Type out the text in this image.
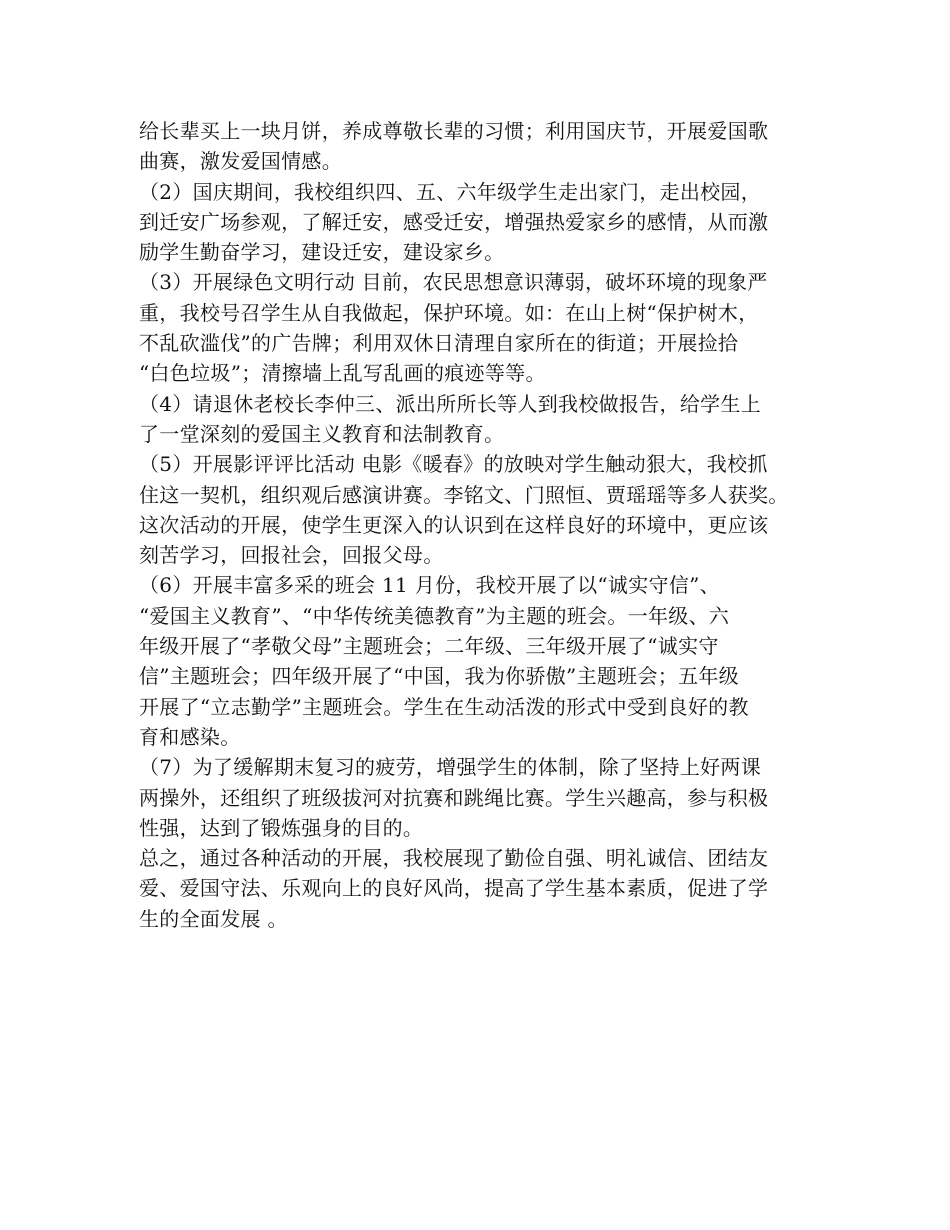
给长辈买上一块月饼，养成尊敬长辈的习惯；利用国庆节，开展爱国歌
曲赛，激发爱国情感。
（2）国庆期间，我校组织四、五、六年级学生走出家门，走出校园，
到迁安广场参观，了解迁安，感受迁安，增强热爱家乡的感情，从而激
励学生勤奋学习，建设迁安，建设家乡。
（3）开展绿色文明行动 目前，农民思想意识薄弱，破坏环境的现象严
重，我校号召学生从自我做起，保护环境。如：在山上树“保护树木，
不乱砍滥伐”的广告牌；利用双休日清理自家所在的街道；开展捡拾
“白色垃圾”；清擦墙上乱写乱画的痕迹等等。
（4）请退休老校长李仲三、派出所所长等人到我校做报告，给学生上
了一堂深刻的爱国主义教育和法制教育。
（5）开展影评评比活动 电影《暖春》的放映对学生触动狠大，我校抓
住这一契机，组织观后感演讲赛。李铭文、门照恒、贾瑶瑶等多人获奖。
这次活动的开展，使学生更深入的认识到在这样良好的环境中，更应该
刻苦学习，回报社会，回报父母。
（6）开展丰富多采的班会 11 月份，我校开展了以“诚实守信”、
“爱国主义教育”、“中华传统美德教育”为主题的班会。一年级、六
年级开展了“孝敬父母”主题班会；二年级、三年级开展了“诚实守
信”主题班会；四年级开展了“中国，我为你骄傲”主题班会；五年级
开展了“立志勤学”主题班会。学生在生动活泼的形式中受到良好的教
育和感染。
（7）为了缓解期末复习的疲劳，增强学生的体制，除了坚持上好两课
两操外，还组织了班级拔河对抗赛和跳绳比赛。学生兴趣高，参与积极
性强，达到了锻炼强身的目的。
总之，通过各种活动的开展，我校展现了勤俭自强、明礼诚信、团结友
爱、爱国守法、乐观向上的良好风尚，提高了学生基本素质，促进了学
生的全面发展 。
